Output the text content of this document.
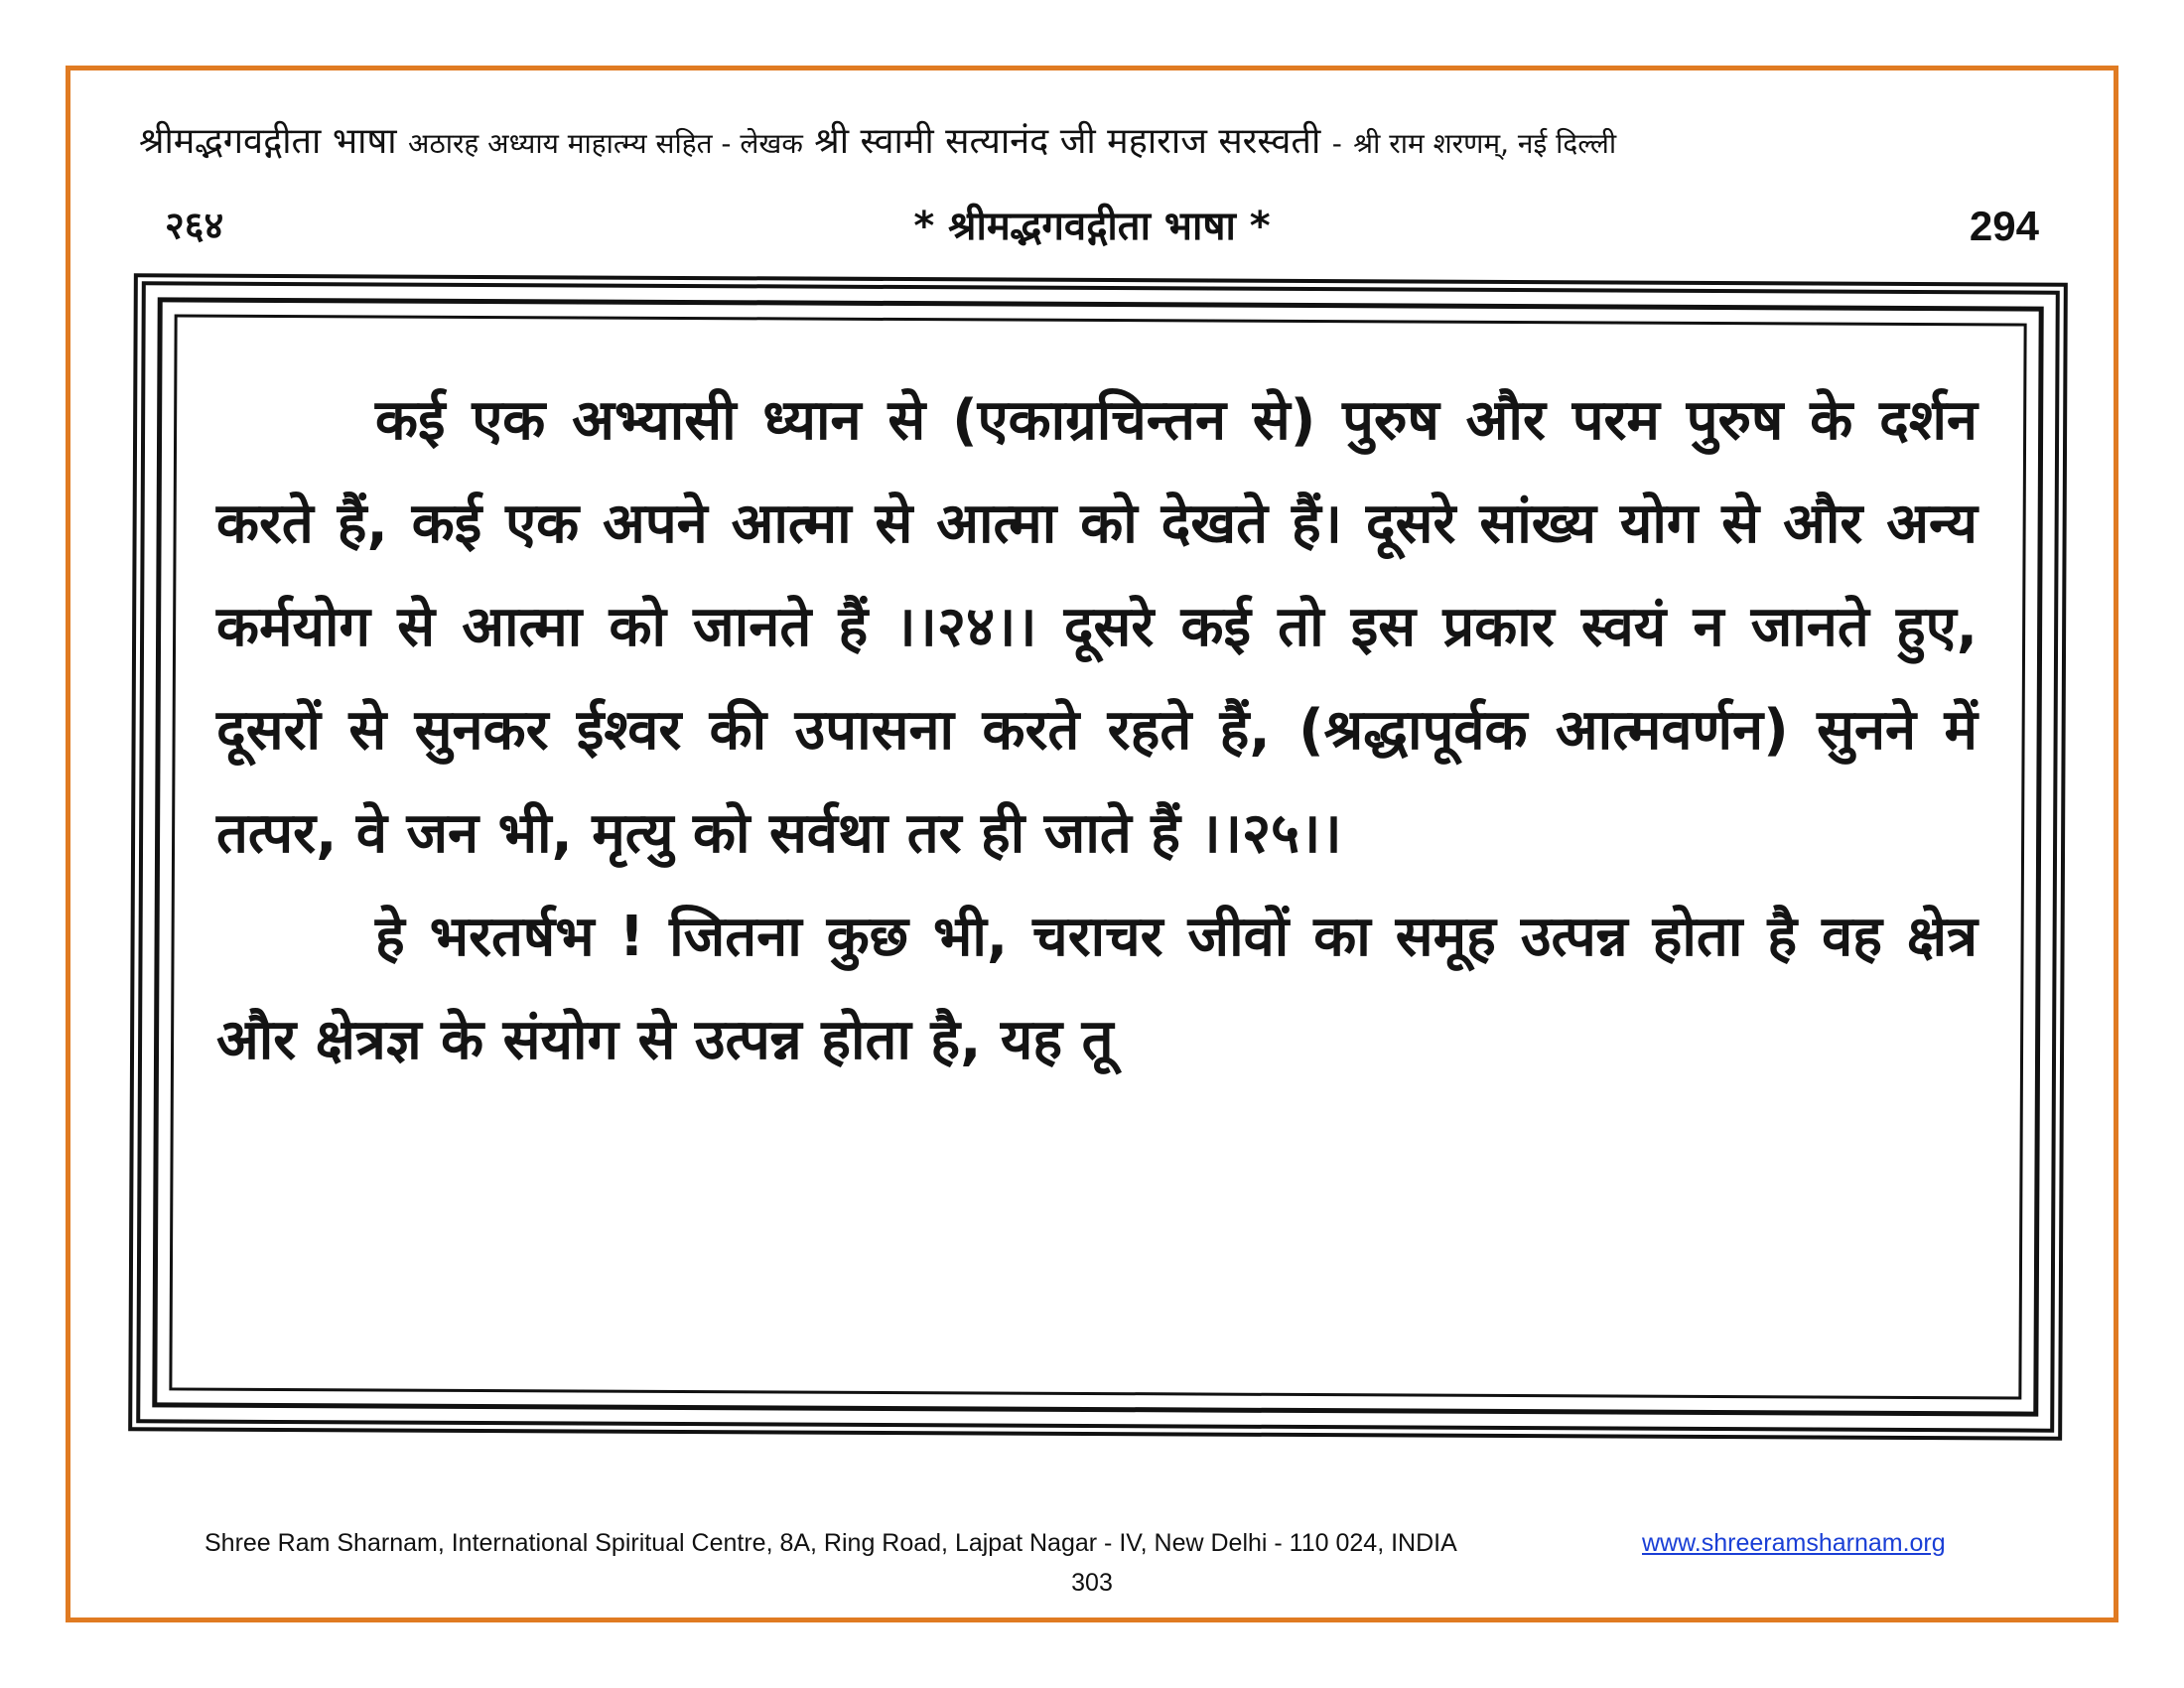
श्रीमद्भगवद्गीता भाषा अठारह अध्याय माहात्म्य सहित - लेखक श्री स्वामी सत्यानंद जी महाराज सरस्वती - श्री राम शरणम्, नई दिल्ली
२६४	* श्रीमद्भगवद्गीता भाषा *	294

कई एक अभ्यासी ध्यान से (एकाग्रचिन्तन से) पुरुष और परम पुरुष के दर्शन करते हैं, कई एक अपने आत्मा से आत्मा को देखते हैं। दूसरे सांख्य योग से और अन्य कर्मयोग से आत्मा को जानते हैं ।।२४।। दूसरे कई तो इस प्रकार स्वयं न जानते हुए, दूसरों से सुनकर ईश्वर की उपासना करते रहते हैं, (श्रद्धापूर्वक आत्मवर्णन) सुनने में तत्पर, वे जन भी, मृत्यु को सर्वथा तर ही जाते हैं ।।२५।।

हे भरतर्षभ ! जितना कुछ भी, चराचर जीवों का समूह उत्पन्न होता है वह क्षेत्र और क्षेत्रज्ञ के संयोग से उत्पन्न होता है, यह तू

Shree Ram Sharnam, International Spiritual Centre, 8A, Ring Road, Lajpat Nagar - IV, New Delhi - 110 024, INDIA	www.shreeramsharnam.org
303
